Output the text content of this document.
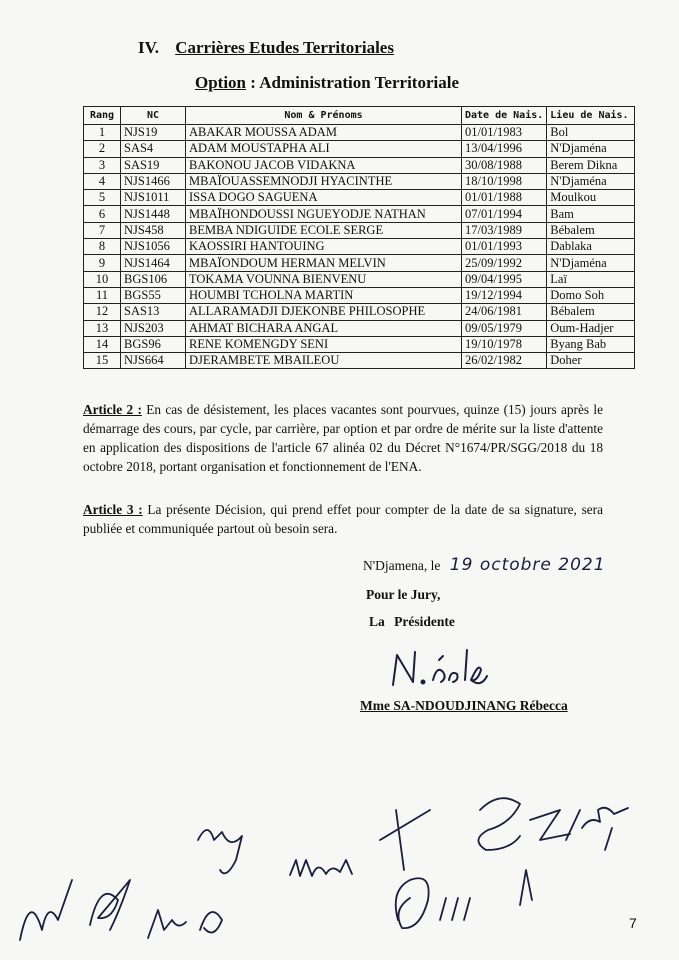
IV. Carrières Etudes Territoriales
Option : Administration Territoriale
Rang	NC	Nom & Prénoms	Date de Nais.	Lieu de Nais.
1	NJS19	ABAKAR MOUSSA ADAM	01/01/1983	Bol
2	SAS4	ADAM MOUSTAPHA ALI	13/04/1996	N'Djaména
3	SAS19	BAKONOU JACOB VIDAKNA	30/08/1988	Berem Dikna
4	NJS1466	MBAÏOUASSEMNODJI HYACINTHE	18/10/1998	N'Djaména
5	NJS1011	ISSA DOGO SAGUENA	01/01/1988	Moulkou
6	NJS1448	MBAÏHONDOUSSI NGUEYODJE NATHAN	07/01/1994	Bam
7	NJS458	BEMBA NDIGUIDE ECOLE SERGE	17/03/1989	Bébalem
8	NJS1056	KAOSSIRI HANTOUING	01/01/1993	Dablaka
9	NJS1464	MBAÏONDOUM HERMAN MELVIN	25/09/1992	N'Djaména
10	BGS106	TOKAMA VOUNNA BIENVENU	09/04/1995	Laï
11	BGS55	HOUMBI TCHOLNA MARTIN	19/12/1994	Domo Soh
12	SAS13	ALLARAMADJI DJEKONBE PHILOSOPHE	24/06/1981	Bébalem
13	NJS203	AHMAT BICHARA ANGAL	09/05/1979	Oum-Hadjer
14	BGS96	RENE KOMENGDY SENI	19/10/1978	Byang Bab
15	NJS664	DJERAMBETE MBAILEOU	26/02/1982	Doher
Article 2 : En cas de désistement, les places vacantes sont pourvues, quinze (15) jours après le démarrage des cours, par cycle, par carrière, par option et par ordre de mérite sur la liste d'attente en application des dispositions de l'article 67 alinéa 02 du Décret N°1674/PR/SGG/2018 du 18 octobre 2018, portant organisation et fonctionnement de l'ENA.
Article 3 : La présente Décision, qui prend effet pour compter de la date de sa signature, sera publiée et communiquée partout où besoin sera.
N'Djamena, le 19 octobre 2021
Pour le Jury,
La Présidente
Mme SA-NDOUDJINANG Rébecca
7
